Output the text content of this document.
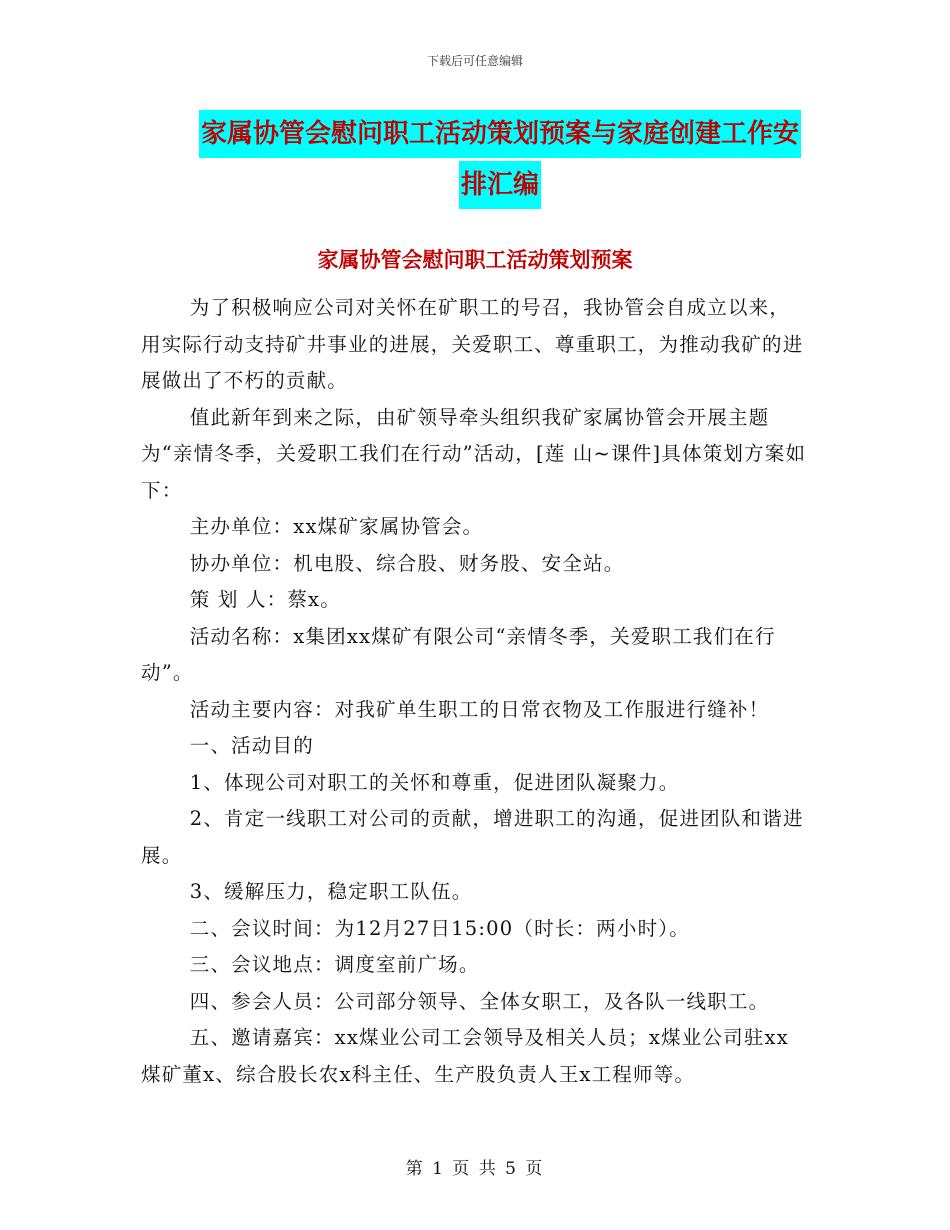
下载后可任意编辑
家属协管会慰问职工活动策划预案与家庭创建工作安
排汇编
家属协管会慰问职工活动策划预案

为了积极响应公司对关怀在矿职工的号召，我协管会自成立以来，用实际行动支持矿井事业的进展，关爱职工、尊重职工，为推动我矿的进展做出了不朽的贡献。

值此新年到来之际，由矿领导牵头组织我矿家属协管会开展主题为“亲情冬季，关爱职工我们在行动”活动，[莲 山~课件]具体策划方案如下：

主办单位：xx煤矿家属协管会。

协办单位：机电股、综合股、财务股、安全站。

策 划 人：蔡x。

活动名称：x集团xx煤矿有限公司“亲情冬季，关爱职工我们在行动”。

活动主要内容：对我矿单生职工的日常衣物及工作服进行缝补！

一、活动目的

1、体现公司对职工的关怀和尊重，促进团队凝聚力。

2、肯定一线职工对公司的贡献，增进职工的沟通，促进团队和谐进展。

3、缓解压力，稳定职工队伍。

二、会议时间：为12月27日15:00（时长：两小时）。

三、会议地点：调度室前广场。

四、参会人员：公司部分领导、全体女职工，及各队一线职工。

五、邀请嘉宾：xx煤业公司工会领导及相关人员；x煤业公司驻xx煤矿董x、综合股长农x科主任、生产股负责人王x工程师等。

第 1 页 共 5 页
